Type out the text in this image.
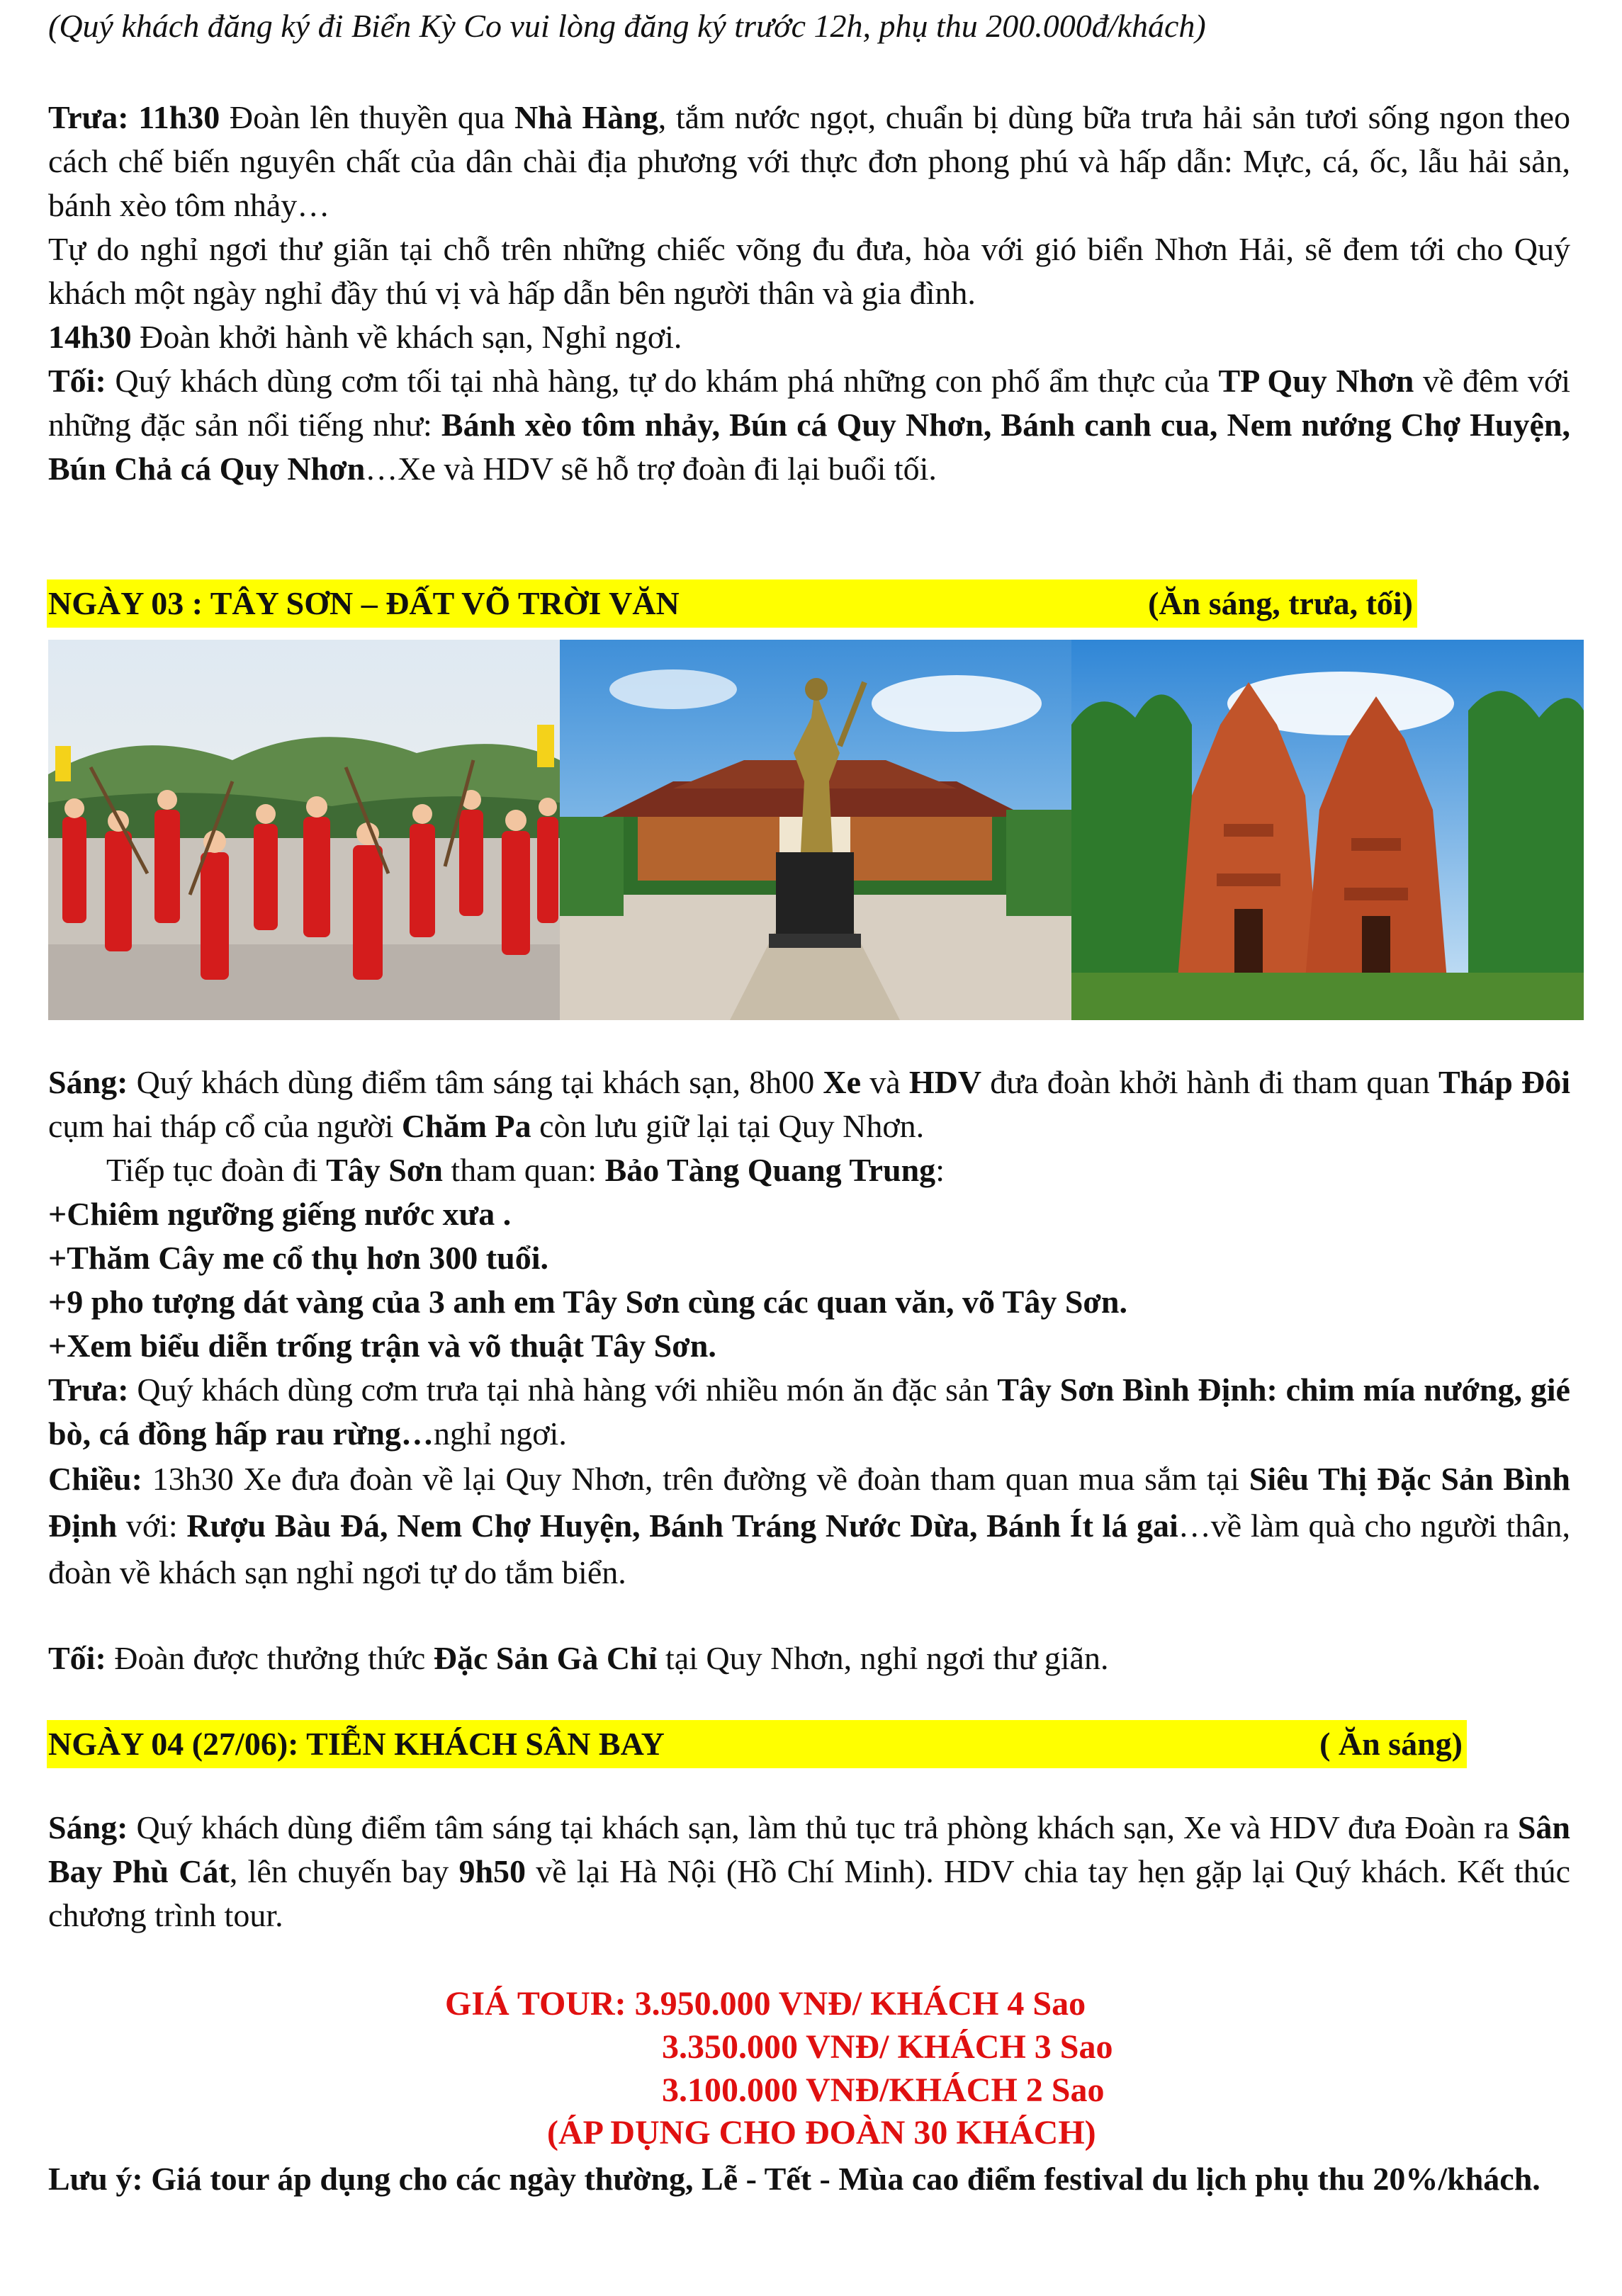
(Quý khách đăng ký đi Biển Kỳ Co vui lòng đăng ký trước 12h, phụ thu 200.000đ/khách)

Trưa: 11h30 Đoàn lên thuyền qua Nhà Hàng, tắm nước ngọt, chuẩn bị dùng bữa trưa hải sản tươi sống ngon theo cách chế biến nguyên chất của dân chài địa phương với thực đơn phong phú và hấp dẫn: Mực, cá, ốc, lẫu hải sản, bánh xèo tôm nhảy…

Tự do nghỉ ngơi thư giãn tại chỗ trên những chiếc võng đu đưa, hòa với gió biển Nhơn Hải, sẽ đem tới cho Quý khách một ngày nghỉ đầy thú vị và hấp dẫn bên người thân và gia đình.

14h30 Đoàn khởi hành về khách sạn, Nghỉ ngơi.

Tối: Quý khách dùng cơm tối tại nhà hàng, tự do khám phá những con phố ẩm thực của TP Quy Nhơn về đêm với những đặc sản nổi tiếng như: Bánh xèo tôm nhảy, Bún cá Quy Nhơn, Bánh canh cua, Nem nướng Chợ Huyện, Bún Chả cá Quy Nhơn…Xe và HDV sẽ hỗ trợ đoàn đi lại buổi tối.

NGÀY 03 : TÂY SƠN – ĐẤT VÕ TRỜI VĂN	(Ăn sáng, trưa, tối)

Sáng: Quý khách dùng điểm tâm sáng tại khách sạn, 8h00 Xe và HDV đưa đoàn khởi hành đi tham quan Tháp Đôi cụm hai tháp cổ của người Chăm Pa còn lưu giữ lại tại Quy Nhơn.

Tiếp tục đoàn đi Tây Sơn tham quan: Bảo Tàng Quang Trung:

+Chiêm ngưỡng giếng nước xưa .

+Thăm Cây me cổ thụ hơn 300 tuổi.

+9 pho tượng dát vàng của 3 anh em Tây Sơn cùng các quan văn, võ Tây Sơn.

+Xem biểu diễn trống trận và võ thuật Tây Sơn.

Trưa: Quý khách dùng cơm trưa tại nhà hàng với nhiều món ăn đặc sản Tây Sơn Bình Định: chim mía nướng, gié bò, cá đồng hấp rau rừng…nghỉ ngơi.

Chiều: 13h30 Xe đưa đoàn về lại Quy Nhơn, trên đường về đoàn tham quan mua sắm tại Siêu Thị Đặc Sản Bình Định với: Rượu Bàu Đá, Nem Chợ Huyện, Bánh Tráng Nước Dừa, Bánh Ít lá gai…về làm quà cho người thân, đoàn về khách sạn nghỉ ngơi tự do tắm biển.

Tối: Đoàn được thưởng thức Đặc Sản Gà Chỉ tại Quy Nhơn, nghỉ ngơi thư giãn.

NGÀY 04 (27/06): TIỄN KHÁCH SÂN BAY	( Ăn sáng)

Sáng: Quý khách dùng điểm tâm sáng tại khách sạn, làm thủ tục trả phòng khách sạn, Xe và HDV đưa Đoàn ra Sân Bay Phù Cát, lên chuyến bay 9h50 về lại Hà Nội (Hồ Chí Minh). HDV chia tay hẹn gặp lại Quý khách. Kết thúc chương trình tour.

GIÁ TOUR: 3.950.000 VNĐ/ KHÁCH 4 Sao
3.350.000 VNĐ/ KHÁCH 3 Sao
3.100.000 VNĐ/KHÁCH 2 Sao
(ÁP DỤNG CHO ĐOÀN 30 KHÁCH)

Lưu ý: Giá tour áp dụng cho các ngày thường, Lễ - Tết - Mùa cao điểm festival du lịch phụ thu 20%/khách.
